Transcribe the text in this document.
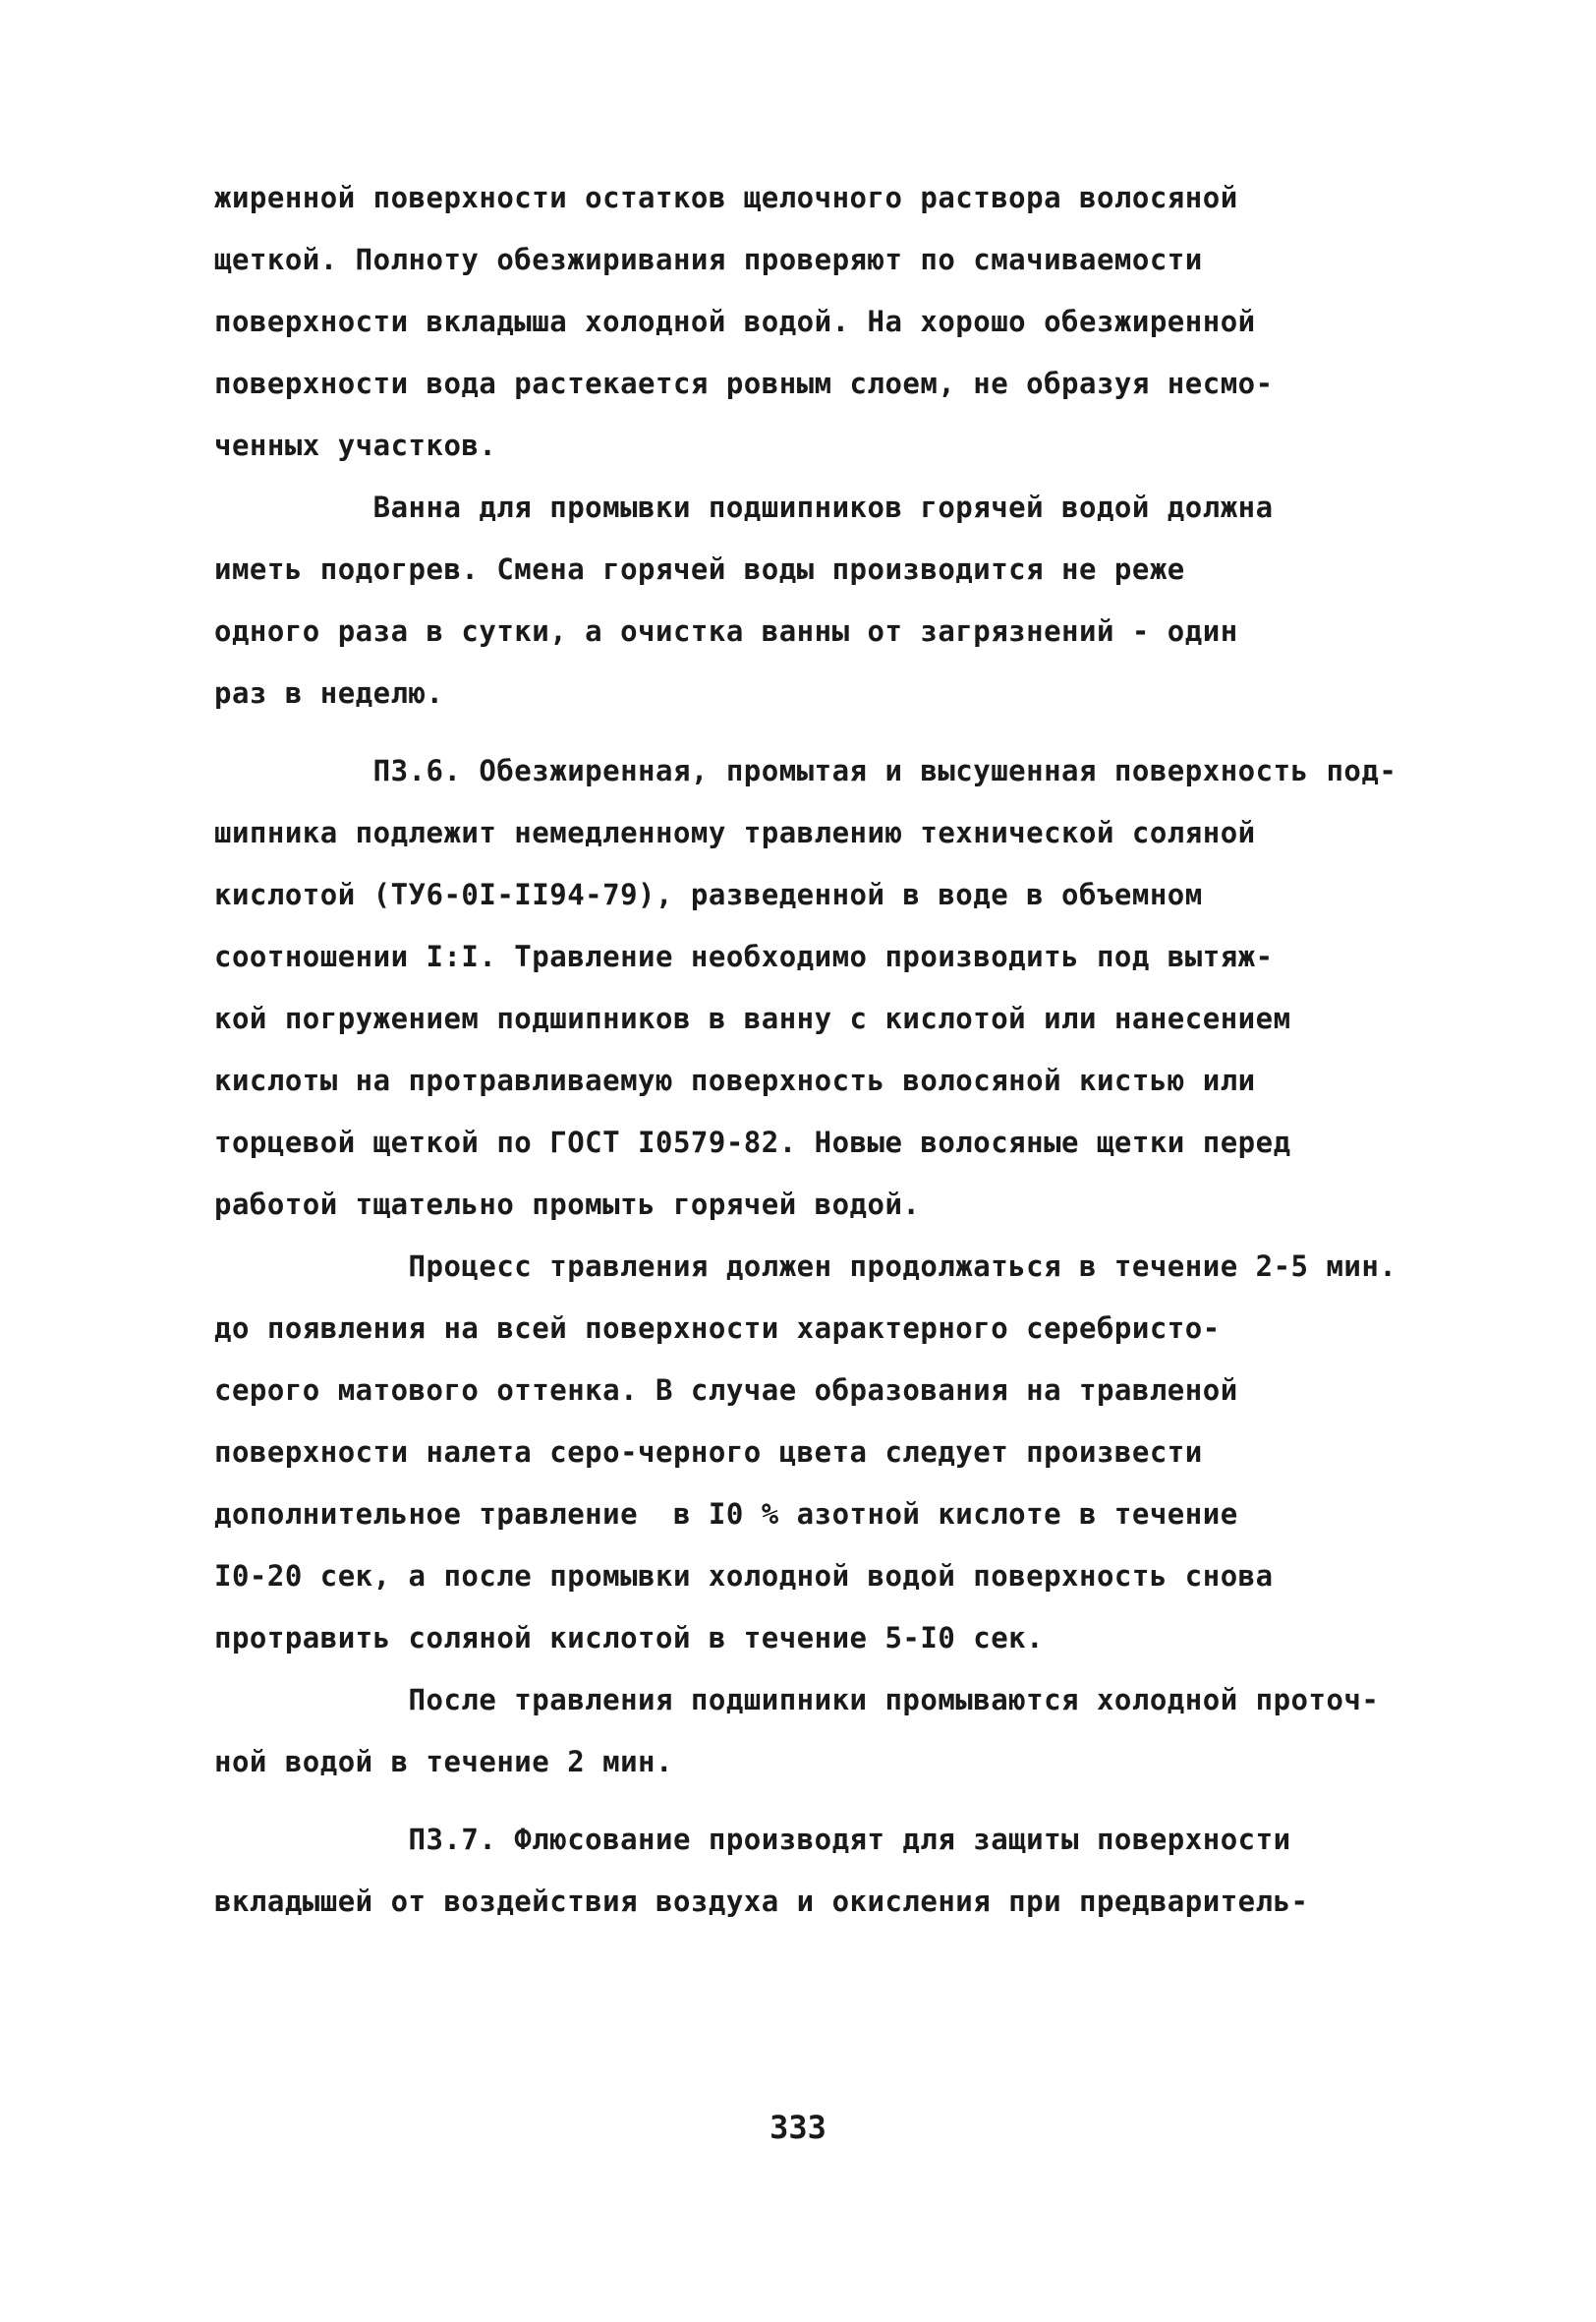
жиренной поверхности остатков щелочного раствора волосяной
щеткой. Полноту обезжиривания проверяют по смачиваемости
поверхности вкладыша холодной водой. На хорошо обезжиренной
поверхности вода растекается ровным слоем, не образуя несмо-
ченных участков.
Ванна для промывки подшипников горячей водой должна
иметь подогрев. Смена горячей воды производится не реже
одного раза в сутки, а очистка ванны от загрязнений - один
раз в неделю.
П3.6. Обезжиренная, промытая и высушенная поверхность под-
шипника подлежит немедленному травлению технической соляной
кислотой (ТУ6-0I-II94-79), разведенной в воде в объемном
соотношении I:I. Травление необходимо производить под вытяж-
кой погружением подшипников в ванну с кислотой или нанесением
кислоты на протравливаемую поверхность волосяной кистью или
торцевой щеткой по ГОСТ I0579-82. Новые волосяные щетки перед
работой тщательно промыть горячей водой.
Процесс травления должен продолжаться в течение 2-5 мин.
до появления на всей поверхности характерного серебристо-
серого матового оттенка. В случае образования на травленой
поверхности налета серо-черного цвета следует произвести
дополнительное травление  в I0 % азотной кислоте в течение
I0-20 сек, а после промывки холодной водой поверхность снова
протравить соляной кислотой в течение 5-I0 сек.
После травления подшипники промываются холодной проточ-
ной водой в течение 2 мин.
П3.7. Флюсование производят для защиты поверхности
вкладышей от воздействия воздуха и окисления при предваритель-
333
